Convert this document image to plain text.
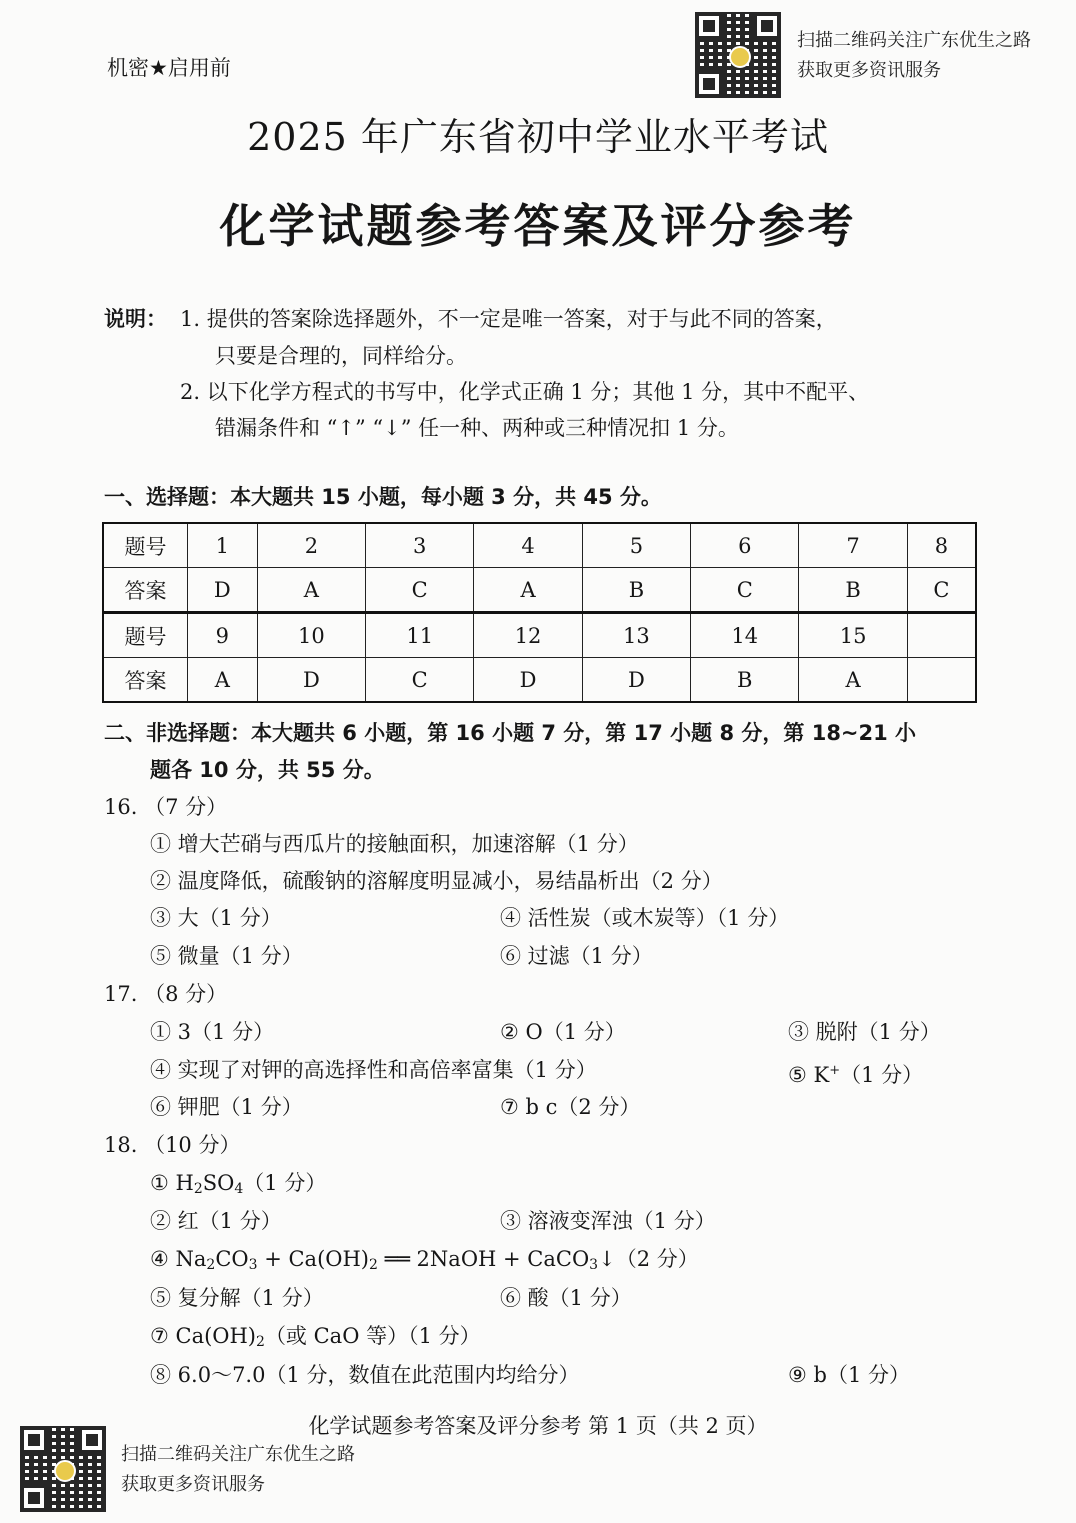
扫描二维码关注广东优生之路
获取更多资讯服务
扫描二维码关注广东优生之路
获取更多资讯服务
机密★启用前
2025 年广东省初中学业水平考试
化学试题参考答案及评分参考
说明： 1. 提供的答案除选择题外，不一定是唯一答案，对于与此不同的答案，
只要是合理的，同样给分。
2. 以下化学方程式的书写中，化学式正确 1 分；其他 1 分，其中不配平、
错漏条件和 “↑” “↓” 任一种、两种或三种情况扣 1 分。
一、选择题：本大题共 15 小题，每小题 3 分，共 45 分。
题号	1	2	3	4	5	6	7	8
答案	D	A	C	A	B	C	B	C
题号	9	10	11	12	13	14	15	
答案	A	D	C	D	D	B	A	
二、非选择题：本大题共 6 小题，第 16 小题 7 分，第 17 小题 8 分，第 18~21 小
题各 10 分，共 55 分。
16. （7 分）
① 增大芒硝与西瓜片的接触面积，加速溶解（1 分）
② 温度降低，硫酸钠的溶解度明显减小，易结晶析出（2 分）
③ 大（1 分）	④ 活性炭（或木炭等）（1 分）
⑤ 微量（1 分）	⑥ 过滤（1 分）
17. （8 分）
① 3（1 分）	② O（1 分）	③ 脱附（1 分）
④ 实现了对钾的高选择性和高倍率富集（1 分）	⑤ K+（1 分）
⑥ 钾肥（1 分）	⑦ b c（2 分）
18. （10 分）
① $H_2SO_4(1$ 分）
② 红（1 分）	③ 溶液变浑浊（1 分）
④ $Na_2CO_3 + Ca(OH)_2$ ══ 2NaOH + CaCO$_3$↓（2 分）
⑤ 复分解（1 分）	⑥ 酸（1 分）
⑦ $Ca(OH)_2$（或 CaO 等）（1 分）
⑧ 6.0～7.0（1 分，数值在此范围内均给分）	⑨ b（1 分）
化学试题参考答案及评分参考 第 1 页（共 2 页）
